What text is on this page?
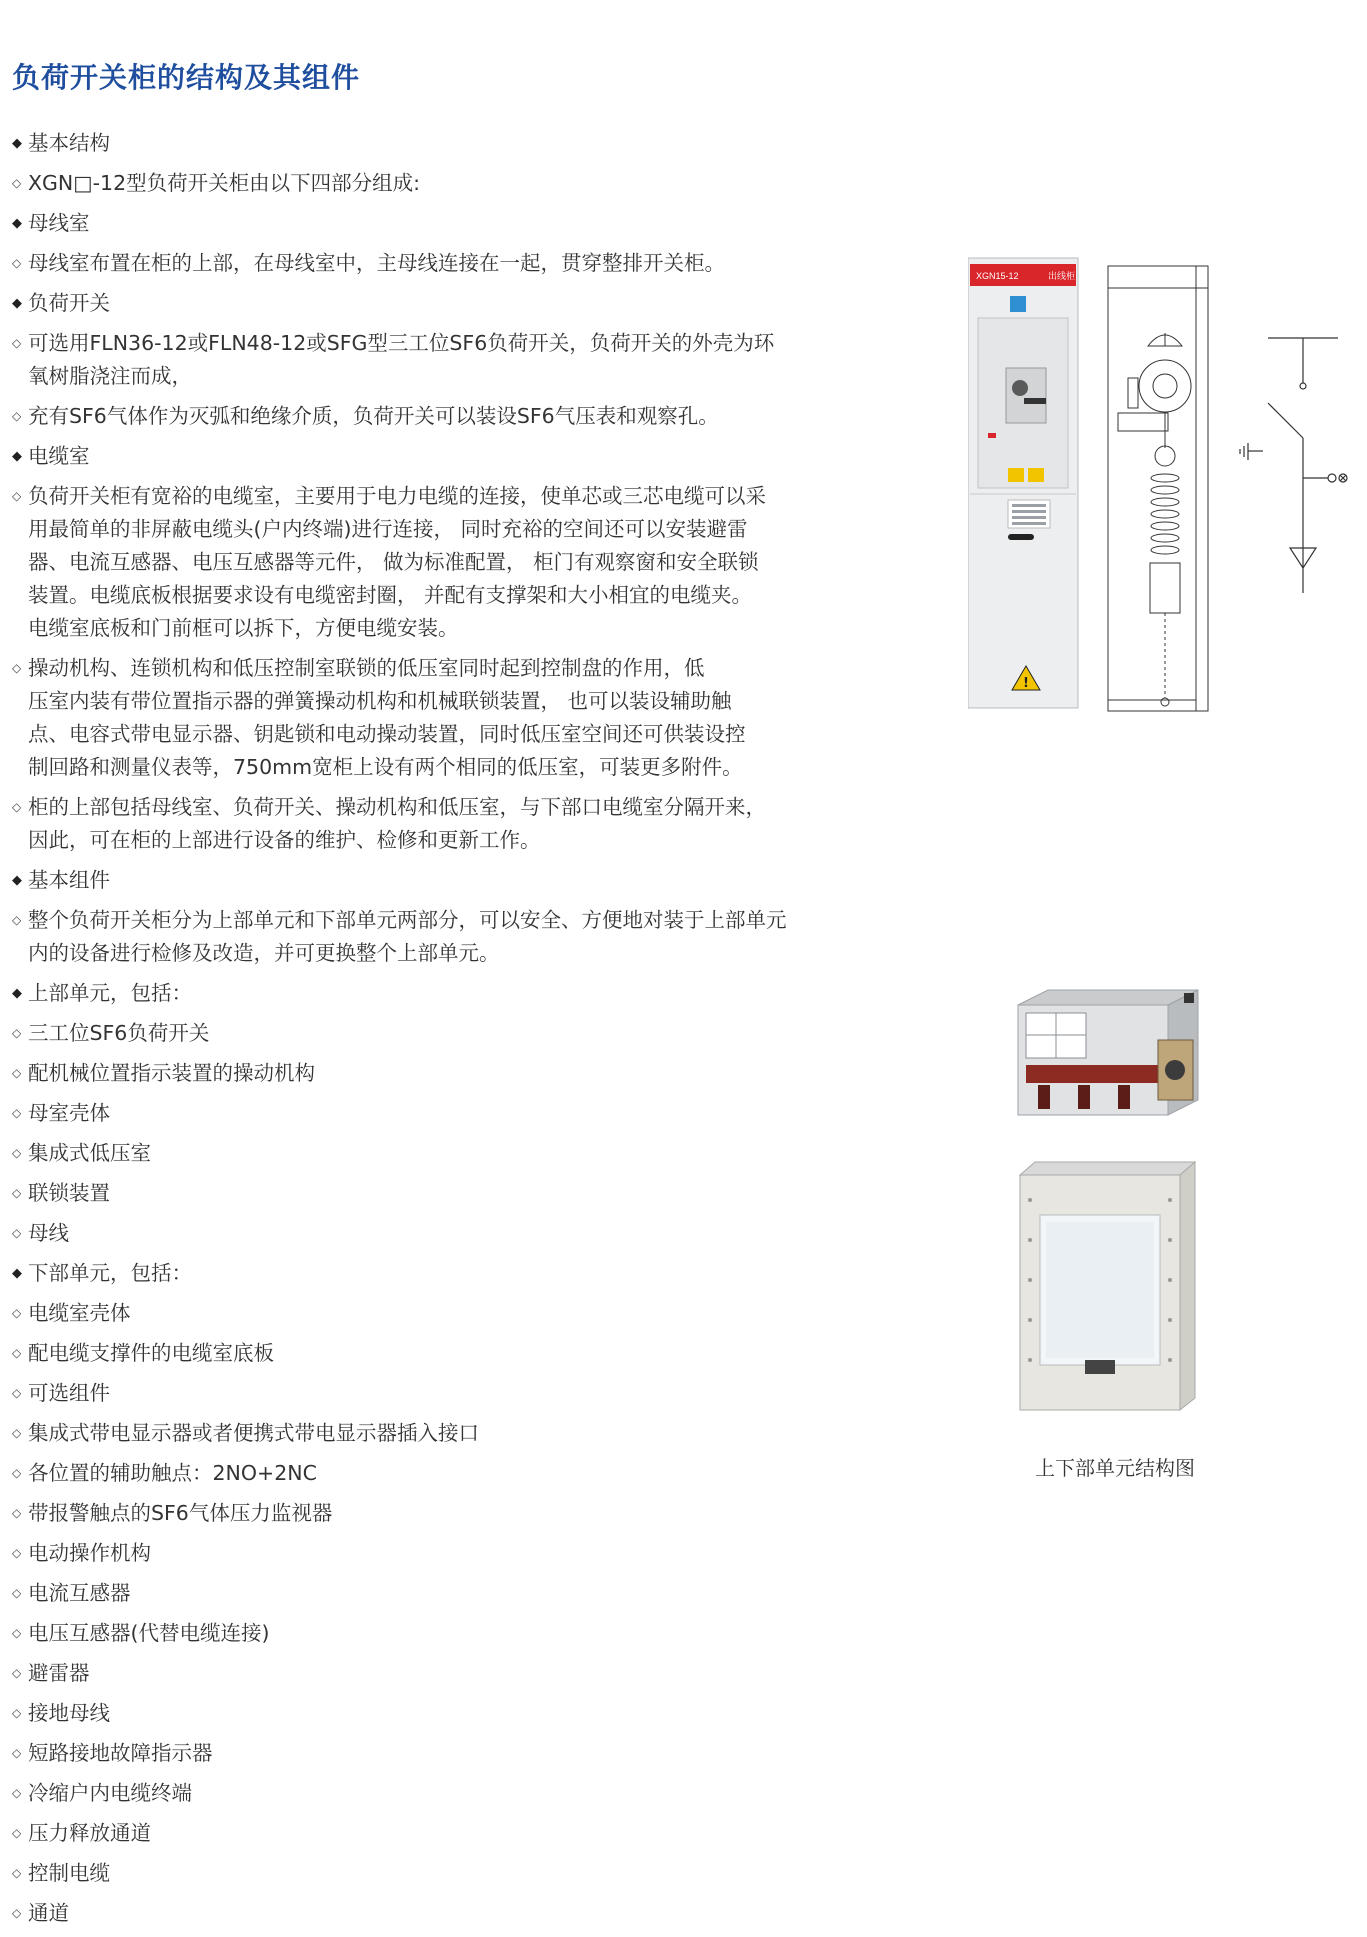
负荷开关柜的结构及其组件
◆ 基本结构
◇ XGN□-12型负荷开关柜由以下四部分组成:
◆ 母线室
◇ 母线室布置在柜的上部，在母线室中，主母线连接在一起，贯穿整排开关柜。
◆ 负荷开关
◇ 可选用FLN36-12或FLN48-12或SFG型三工位SF6负荷开关，负荷开关的外壳为环
氧树脂浇注而成，
◇ 充有SF6气体作为灭弧和绝缘介质，负荷开关可以装设SF6气压表和观察孔。
◆ 电缆室
◇ 负荷开关柜有宽裕的电缆室，主要用于电力电缆的连接，使单芯或三芯电缆可以采
用最简单的非屏蔽电缆头(户内终端)进行连接， 同时充裕的空间还可以安装避雷
器、电流互感器、电压互感器等元件， 做为标准配置， 柜门有观察窗和安全联锁
装置。电缆底板根据要求设有电缆密封圈， 并配有支撑架和大小相宜的电缆夹。
电缆室底板和门前框可以拆下，方便电缆安装。
◇ 操动机构、连锁机构和低压控制室联锁的低压室同时起到控制盘的作用，低
压室内装有带位置指示器的弹簧操动机构和机械联锁装置， 也可以装设辅助触
点、电容式带电显示器、钥匙锁和电动操动装置，同时低压室空间还可供装设控
制回路和测量仪表等，750mm宽柜上设有两个相同的低压室，可装更多附件。
◇ 柜的上部包括母线室、负荷开关、操动机构和低压室，与下部口电缆室分隔开来，
因此，可在柜的上部进行设备的维护、检修和更新工作。
◆ 基本组件
◇ 整个负荷开关柜分为上部单元和下部单元两部分，可以安全、方便地对装于上部单元
内的设备进行检修及改造，并可更换整个上部单元。
◆ 上部单元，包括：
◇ 三工位SF6负荷开关
◇ 配机械位置指示装置的操动机构
◇ 母室壳体
◇ 集成式低压室
◇ 联锁装置
◇ 母线
◆ 下部单元，包括：
◇ 电缆室壳体
◇ 配电缆支撑件的电缆室底板
◇ 可选组件
◇ 集成式带电显示器或者便携式带电显示器插入接口
◇ 各位置的辅助触点：2NO+2NC
◇ 带报警触点的SF6气体压力监视器
◇ 电动操作机构
◇ 电流互感器
◇ 电压互感器(代替电缆连接)
◇ 避雷器
◇ 接地母线
◇ 短路接地故障指示器
◇ 冷缩户内电缆终端
◇ 压力释放通道
◇ 控制电缆
◇ 通道
XGN15-12	出线柜
!
上下部单元结构图
